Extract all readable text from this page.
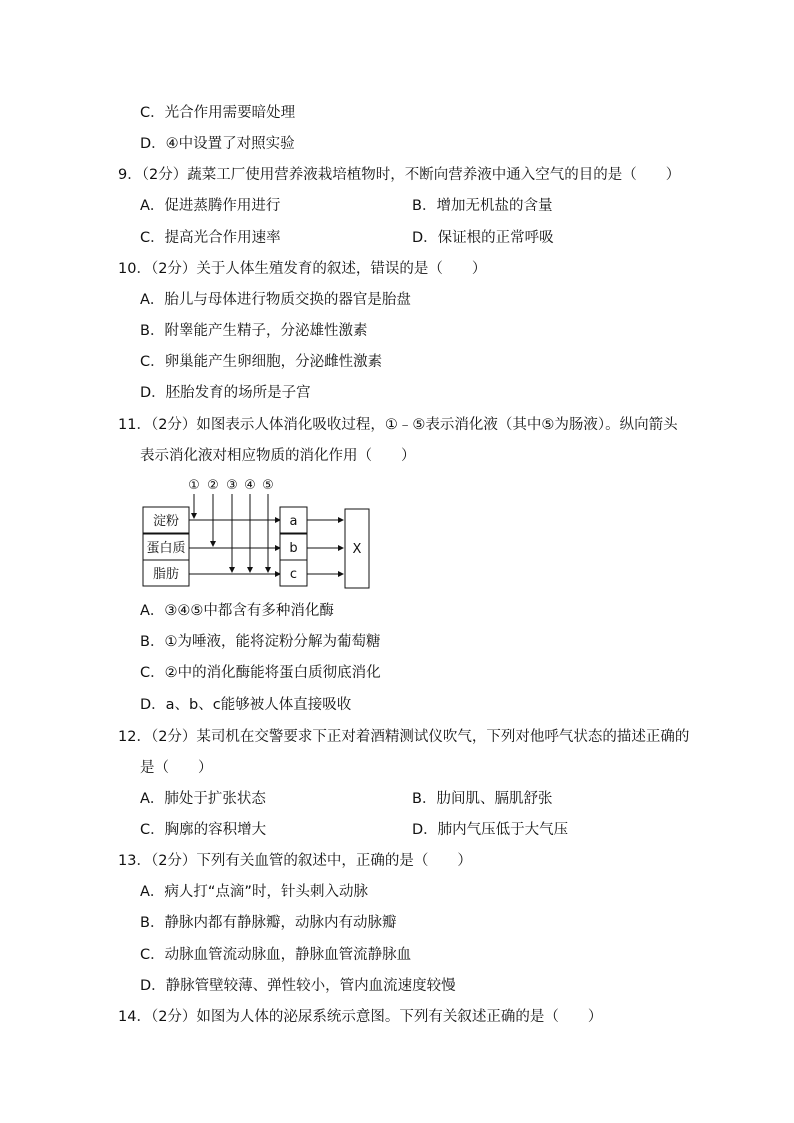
C．光合作用需要暗处理
D．④中设置了对照实验
9．（2分）蔬菜工厂使用营养液栽培植物时，不断向营养液中通入空气的目的是（　　）
A．促进蒸腾作用进行	B．增加无机盐的含量
C．提高光合作用速率	D．保证根的正常呼吸
10．（2分）关于人体生殖发育的叙述，错误的是（　　）
A．胎儿与母体进行物质交换的器官是胎盘
B．附睾能产生精子，分泌雄性激素
C．卵巢能产生卵细胞，分泌雌性激素
D．胚胎发育的场所是子宫
11．（2分）如图表示人体消化吸收过程，①﹣⑤表示消化液（其中⑤为肠液）。纵向箭头
表示消化液对相应物质的消化作用（　　）
① ② ③ ④ ⑤
淀粉
蛋白质
脂肪
a
b
c
X
A．③④⑤中都含有多种消化酶
B．①为唾液，能将淀粉分解为葡萄糖
C．②中的消化酶能将蛋白质彻底消化
D．a、b、c能够被人体直接吸收
12．（2分）某司机在交警要求下正对着酒精测试仪吹气，下列对他呼气状态的描述正确的
是（　　）
A．肺处于扩张状态	B．肋间肌、膈肌舒张
C．胸廓的容积增大	D．肺内气压低于大气压
13．（2分）下列有关血管的叙述中，正确的是（　　）
A．病人打“点滴”时，针头刺入动脉
B．静脉内都有静脉瓣，动脉内有动脉瓣
C．动脉血管流动脉血，静脉血管流静脉血
D．静脉管壁较薄、弹性较小，管内血流速度较慢
14．（2分）如图为人体的泌尿系统示意图。下列有关叙述正确的是（　　）
